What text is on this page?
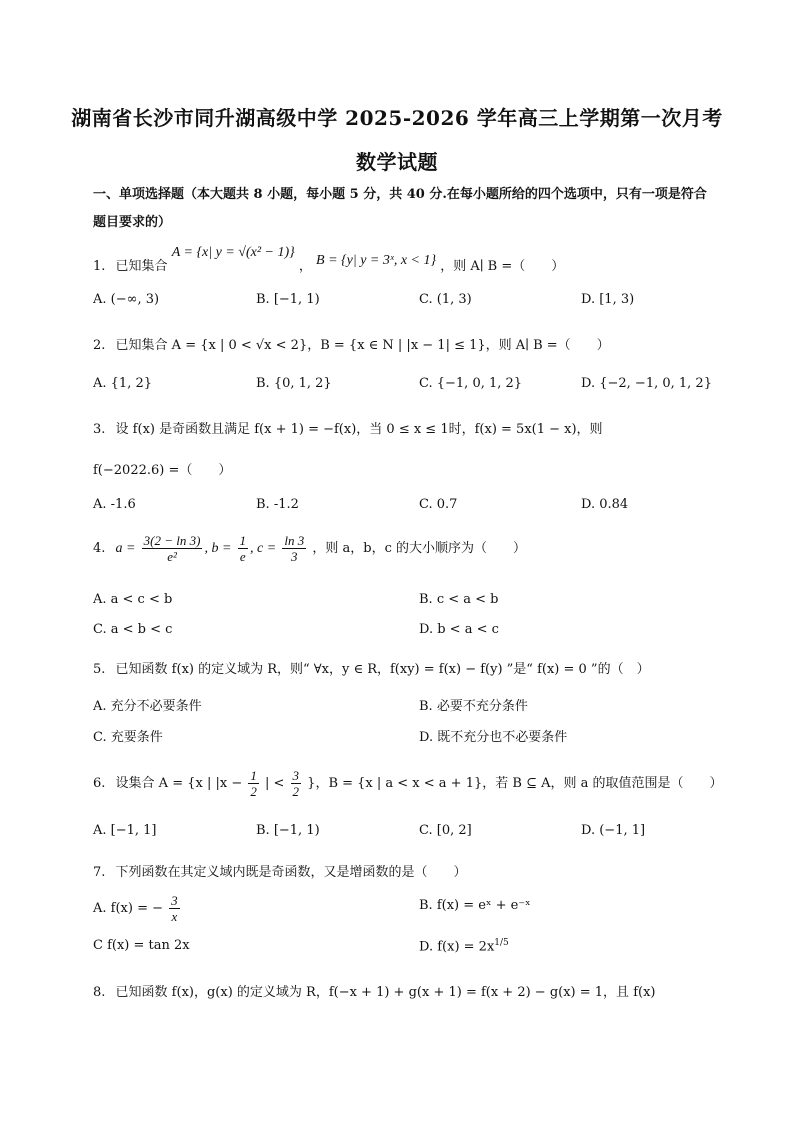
湖南省长沙市同升湖高级中学 2025-2026 学年高三上学期第一次月考
数学试题
一、单项选择题（本大题共 8 小题，每小题 5 分，共 40 分.在每小题所给的四个选项中，只有一项是符合题目要求的）
1. 已知集合 A = {x| y = √(x² − 1)} ， B = {y| y = 3ˣ, x < 1} ，则 A∣ B =（　　）
A. (−∞, 3)	B. [−1, 1)	C. (1, 3)	D. [1, 3)
2. 已知集合 A = {x | 0 < √x < 2}，B = {x ∈ N | |x − 1| ≤ 1}，则 A∣ B =（　　）
A. {1, 2}	B. {0, 1, 2}	C. {−1, 0, 1, 2}	D. {−2, −1, 0, 1, 2}
3. 设 f(x) 是奇函数且满足 f(x + 1) = −f(x)，当 0 ≤ x ≤ 1时，f(x) = 5x(1 − x)，则
f(−2022.6) =（　　）
A. -1.6	B. -1.2	C. 0.7	D. 0.84
4. $a = \frac{3(2 - \ln 3)}{\text{e²}}$ , $b = \frac{1}{e}$ , $c = \frac{\ln 3}{3}$ ，则 a，b，c 的大小顺序为（　　）
A. a < c < b	B. c < a < b
C. a < b < c	D. b < a < c
5. 已知函数 f(x) 的定义域为 R，则“ ∀x，y ∈ R，f(xy) = f(x) − f(y) ”是“ f(x) = 0 ”的（　）
A. 充分不必要条件	B. 必要不充分条件
C. 充要条件	D. 既不充分也不必要条件
6. 设集合 A = {x | $|x - \frac{1}{2}$ | < $\frac{3}{2}$ }，B = {x | a < x < a + 1}，若 B ⊆ A，则 a 的取值范围是（　　）
A. [−1, 1]	B. [−1, 1)	C. [0, 2]	D. (−1, 1]
7. 下列函数在其定义域内既是奇函数，又是增函数的是（　　）
A. f(x) = − $\frac{3}{x}$	B. f(x) = eˣ + e⁻ˣ
C f(x) = tan 2x	D. $f(x) = 2x^{1/5}$
8. 已知函数 f(x)，g(x) 的定义域为 R，f(−x + 1) + g(x + 1) = f(x + 2) − g(x) = 1，且 f(x)
